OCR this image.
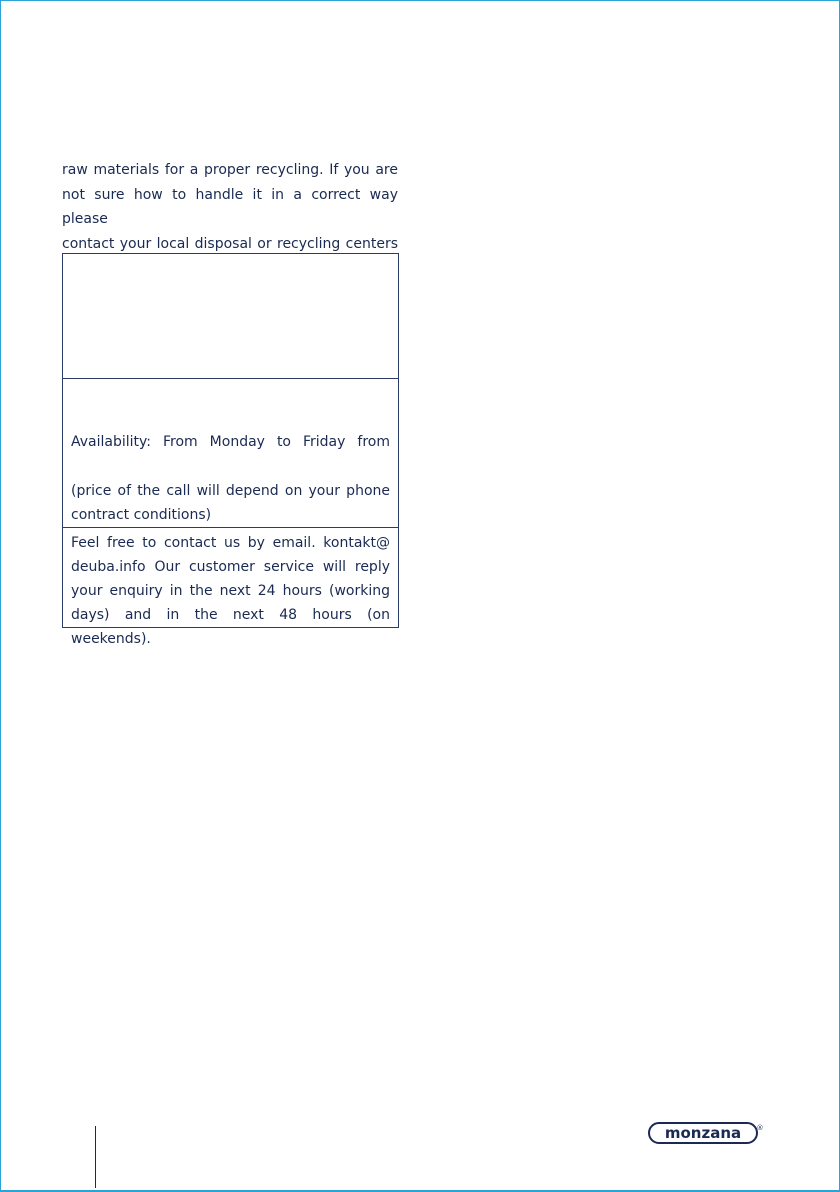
raw materials for a proper recycling. If you are

not sure how to handle it in a correct way please

contact your local disposal or recycling centers

Availability: From Monday to Friday from

(price of the call will depend on your phone contract conditions)

Feel free to contact us by email. kontakt@ deuba.info Our customer service will reply your enquiry in the next 24 hours (working days) and in the next 48 hours (on weekends).

monzana ®
